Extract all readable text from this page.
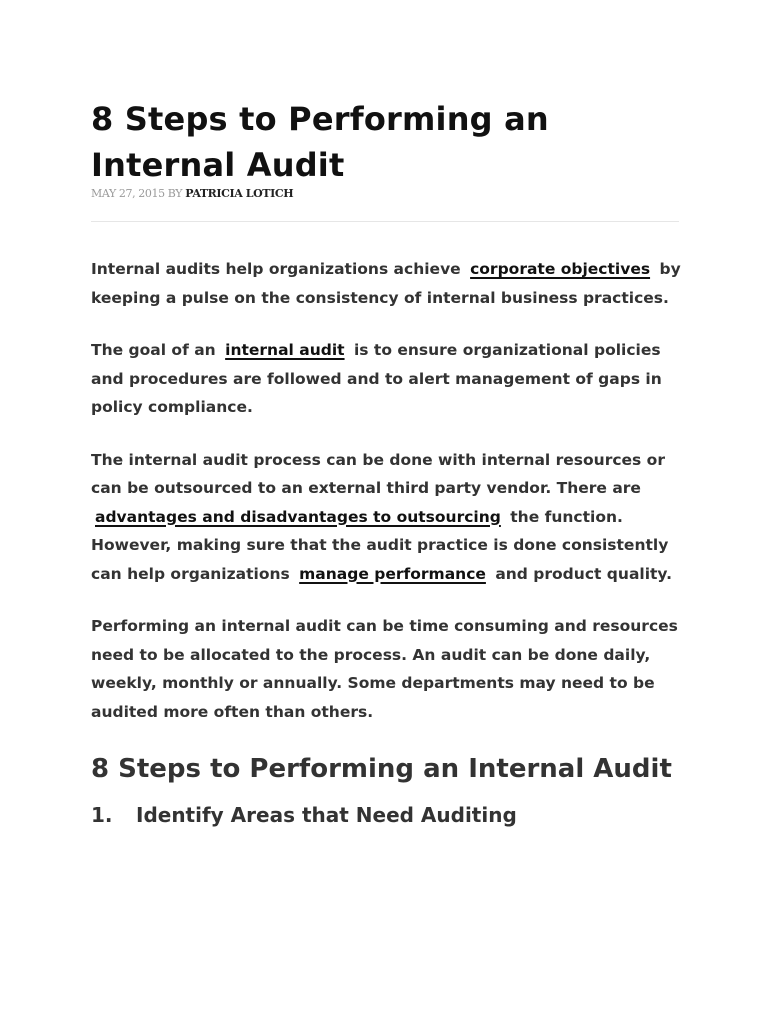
8 Steps to Performing an Internal Audit
MAY 27, 2015 BY PATRICIA LOTICH

Internal audits help organizations achieve corporate objectives by keeping a pulse on the consistency of internal business practices.

The goal of an internal audit is to ensure organizational policies and procedures are followed and to alert management of gaps in policy compliance.

The internal audit process can be done with internal resources or can be outsourced to an external third party vendor. There are advantages and disadvantages to outsourcing the function. However, making sure that the audit practice is done consistently can help organizations manage performance and product quality.

Performing an internal audit can be time consuming and resources need to be allocated to the process. An audit can be done daily, weekly, monthly or annually. Some departments may need to be audited more often than others.

8 Steps to Performing an Internal Audit
1.	Identify Areas that Need Auditing
